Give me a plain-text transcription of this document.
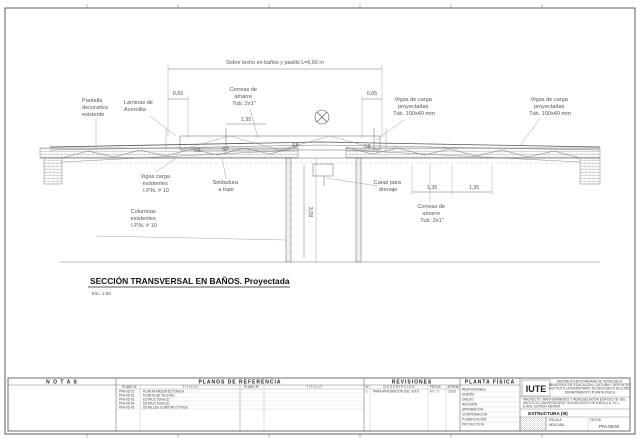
Sobre techo en baños y pasillo L=6,60 m
0,65	0,65
1,35
1,35	1,35
3,08
S6	S7
S8	S9
Pantalla decorativa existente
Láminas de Acerolita
Correas de amarre Tub. 2x1"
Vigas de carga proyectadas Tub. 100x40 mm
Vigas de carga proyectadas Tub. 100x40 mm
Vigas carga existentes I.P.N. # 10
Soldadura a tope
Canal para drenaje
Correas de amarre Tub. 2x1"
Columnas existentes I.P.N. # 10
SECCIÓN TRANSVERSAL EN BAÑOS. Proyectada
Esc. 1:50
N O T A S	PLANOS DE REFERENCIA	REVISIONES	PLANTA FÍSICA
PLANO N°	T Í T U L O	PLANO N°	T Í T U L O
PFA-05-01	PLANTA ARQUITECTONICA
PFA-05-02	PLANTA DE TECHOS
PFA-05-03	ESTRUCTURA (1)
PFA-05-04	ESTRUCTURA (2)
PFA-05-05	DETALLES CONSTRUCTIVOS
N°	D E S C R I P C I Ó N	FECHA APROB.
1 PARA APROBACIÓN DEL 'IUTE'	M. I. T.	11/03 RESPONSABLE
DISEÑO
DIBUJO
REVISIÓN
APROBACIÓN
COORDINACIÓN
PLANIFICACIÓN
PROYECTISTA
IUTE
REPÚBLICA BOLIVARIANA DE VENEZUELA MINISTERIO DE EDUCACIÓN, CULTURA Y DEPORTES INSTITUTO UNIVERSITARIO TECNOLÓGICO DE EJIDO DEPARTAMENTO PLANTA FÍSICA
PROYECTO: MANTENIMIENTO Y REMODELACIÓN EDIFICIO "B" DEL INSTITUTO UNIVERSITARIO TECNOLÓGICO DE EJIDO (I.U.T.E.) EJIDO, ESTADO MÉRIDA
ESTRUCTURA (III)
ESCALA
INDICADA
FECHA
PFA-05-03
